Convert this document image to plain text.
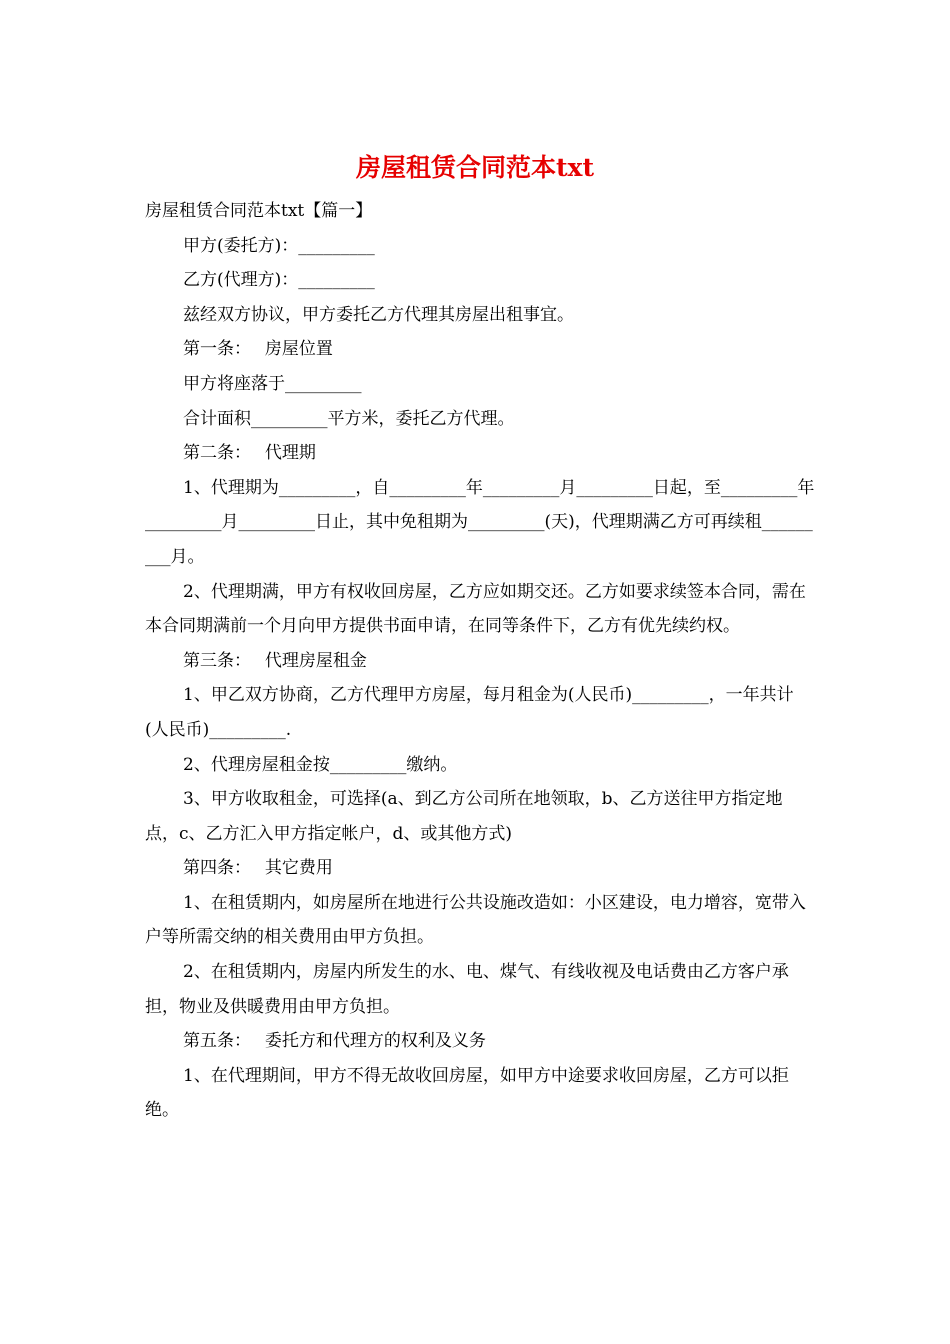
房屋租赁合同范本txt

房屋租赁合同范本txt【篇一】

甲方(委托方)：_________

乙方(代理方)：_________

兹经双方协议，甲方委托乙方代理其房屋出租事宜。

第一条：　 房屋位置

甲方将座落于_________

合计面积_________平方米，委托乙方代理。

第二条：　 代理期

1、代理期为_________，自_________年_________月_________日起，至_________年_________月_________日止，其中免租期为_________(天)，代理期满乙方可再续租_________月。

2、代理期满，甲方有权收回房屋，乙方应如期交还。乙方如要求续签本合同，需在本合同期满前一个月向甲方提供书面申请，在同等条件下，乙方有优先续约权。

第三条：　 代理房屋租金

1、甲乙双方协商，乙方代理甲方房屋，每月租金为(人民币)_________，一年共计(人民币)_________.

2、代理房屋租金按_________缴纳。

3、甲方收取租金，可选择(a、到乙方公司所在地领取，b、乙方送往甲方指定地点，c、乙方汇入甲方指定帐户，d、或其他方式)

第四条：　 其它费用

1、在租赁期内，如房屋所在地进行公共设施改造如：小区建设，电力增容，宽带入户等所需交纳的相关费用由甲方负担。

2、在租赁期内，房屋内所发生的水、电、煤气、有线收视及电话费由乙方客户承担，物业及供暖费用由甲方负担。

第五条：　 委托方和代理方的权利及义务

1、在代理期间，甲方不得无故收回房屋，如甲方中途要求收回房屋，乙方可以拒绝。
